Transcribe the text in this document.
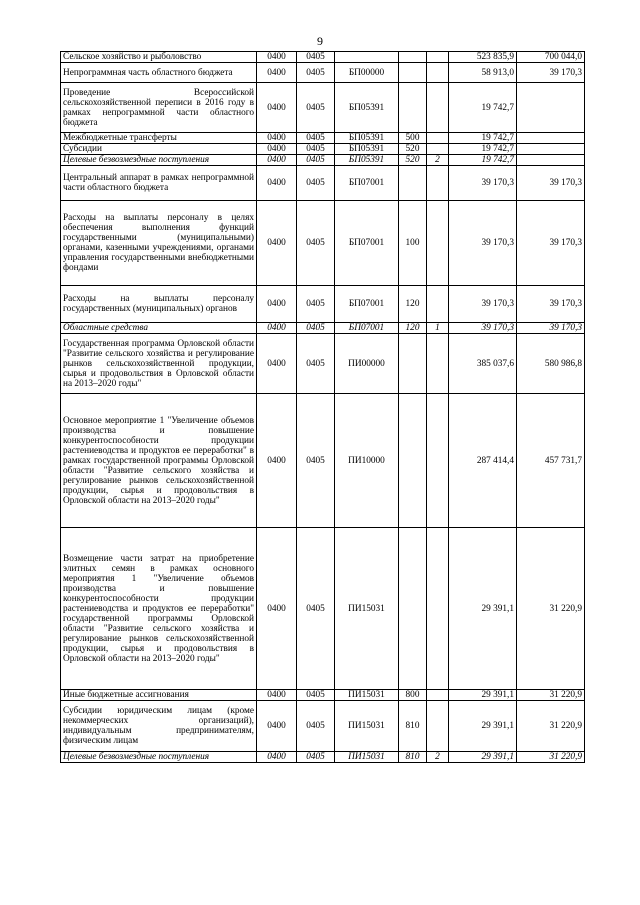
9
Сельское хозяйство и рыболовство	0400	0405				523 835,9	700 044,0
Непрограммная часть областного бюджета	0400	0405	БП00000			58 913,0	39 170,3
Проведение Всероссийской сельскохозяйственной переписи в 2016 году в рамках непрограммной части областного бюджета	0400	0405	БП05391			19 742,7	
Межбюджетные трансферты	0400	0405	БП05391	500		19 742,7	
Субсидии	0400	0405	БП05391	520		19 742,7	
Целевые безвозмездные поступления	0400	0405	БП05391	520	2	19 742,7	
Центральный аппарат в рамках непрограммной части областного бюджета	0400	0405	БП07001			39 170,3	39 170,3
Расходы на выплаты персоналу в целях обеспечения выполнения функций государственными (муниципальными) органами, казенными учреждениями, органами управления государственными внебюджетными фондами	0400	0405	БП07001	100		39 170,3	39 170,3
Расходы на выплаты персоналу государственных (муниципальных) органов	0400	0405	БП07001	120		39 170,3	39 170,3
Областные средства	0400	0405	БП07001	120	1	39 170,3	39 170,3
Государственная программа Орловской области "Развитие сельского хозяйства и регулирование рынков сельскохозяйственной продукции, сырья и продовольствия в Орловской области на 2013–2020 годы"	0400	0405	ПИ00000			385 037,6	580 986,8
Основное мероприятие 1 "Увеличение объемов производства и повышение конкурентоспособности продукции растениеводства и продуктов ее переработки" в рамках государственной программы Орловской области "Развитие сельского хозяйства и регулирование рынков сельскохозяйственной продукции, сырья и продовольствия в Орловской области на 2013–2020 годы"	0400	0405	ПИ10000			287 414,4	457 731,7
Возмещение части затрат на приобретение элитных семян в рамках основного мероприятия 1 "Увеличение объемов производства и повышение конкурентоспособности продукции растениеводства и продуктов ее переработки" государственной программы Орловской области "Развитие сельского хозяйства и регулирование рынков сельскохозяйственной продукции, сырья и продовольствия в Орловской области на 2013–2020 годы"	0400	0405	ПИ15031			29 391,1	31 220,9
Иные бюджетные ассигнования	0400	0405	ПИ15031	800		29 391,1	31 220,9
Субсидии юридическим лицам (кроме некоммерческих организаций), индивидуальным предпринимателям, физическим лицам	0400	0405	ПИ15031	810		29 391,1	31 220,9
Целевые безвозмездные поступления	0400	0405	ПИ15031	810	2	29 391,1	31 220,9
